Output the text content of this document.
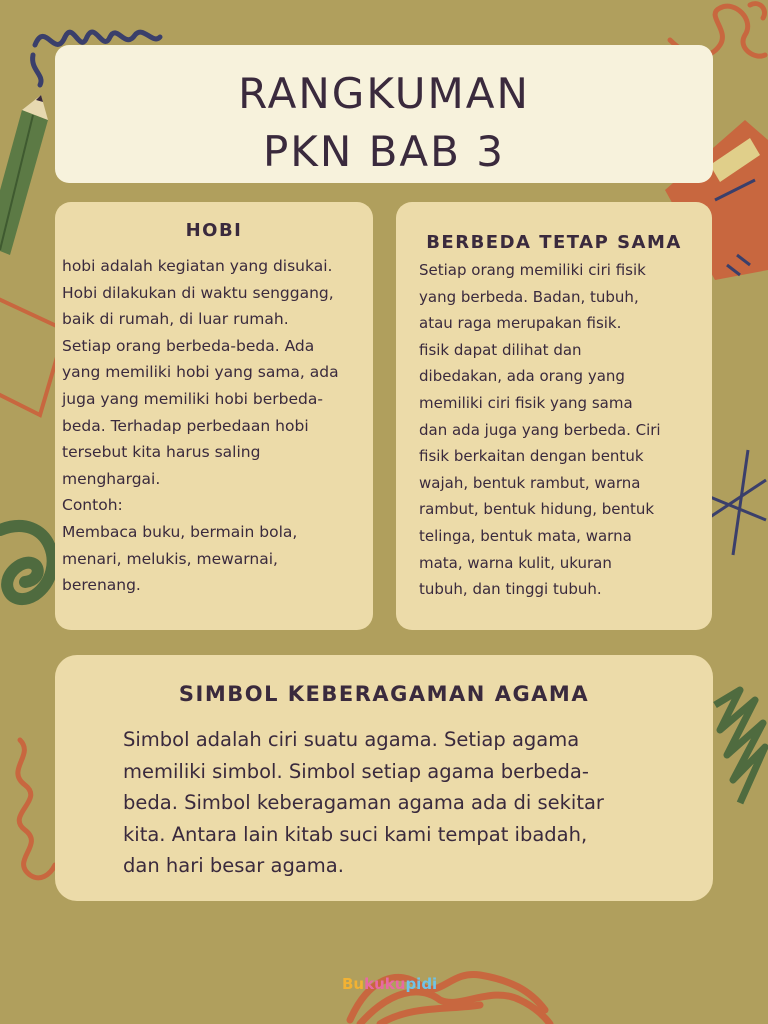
RANGKUMAN
PKN BAB 3
HOBI
hobi adalah kegiatan yang disukai.
Hobi dilakukan di waktu senggang,
baik di rumah, di luar rumah.
Setiap orang berbeda-beda. Ada
yang memiliki hobi yang sama, ada
juga yang memiliki hobi berbeda-
beda. Terhadap perbedaan hobi
tersebut kita harus saling
menghargai.
Contoh:
Membaca buku, bermain bola,
menari, melukis, mewarnai,
berenang.
BERBEDA TETAP SAMA
Setiap orang memiliki ciri fisik
yang berbeda. Badan, tubuh,
atau raga merupakan fisik.
fisik dapat dilihat dan
dibedakan, ada orang yang
memiliki ciri fisik yang sama
dan ada juga yang berbeda. Ciri
fisik berkaitan dengan bentuk
wajah, bentuk rambut, warna
rambut, bentuk hidung, bentuk
telinga, bentuk mata, warna
mata, warna kulit, ukuran
tubuh, dan tinggi tubuh.
SIMBOL KEBERAGAMAN AGAMA
Simbol adalah ciri suatu agama. Setiap agama
memiliki simbol. Simbol setiap agama berbeda-
beda. Simbol keberagaman agama ada di sekitar
kita. Antara lain kitab suci kami tempat ibadah,
dan hari besar agama.
Bukukupidi
